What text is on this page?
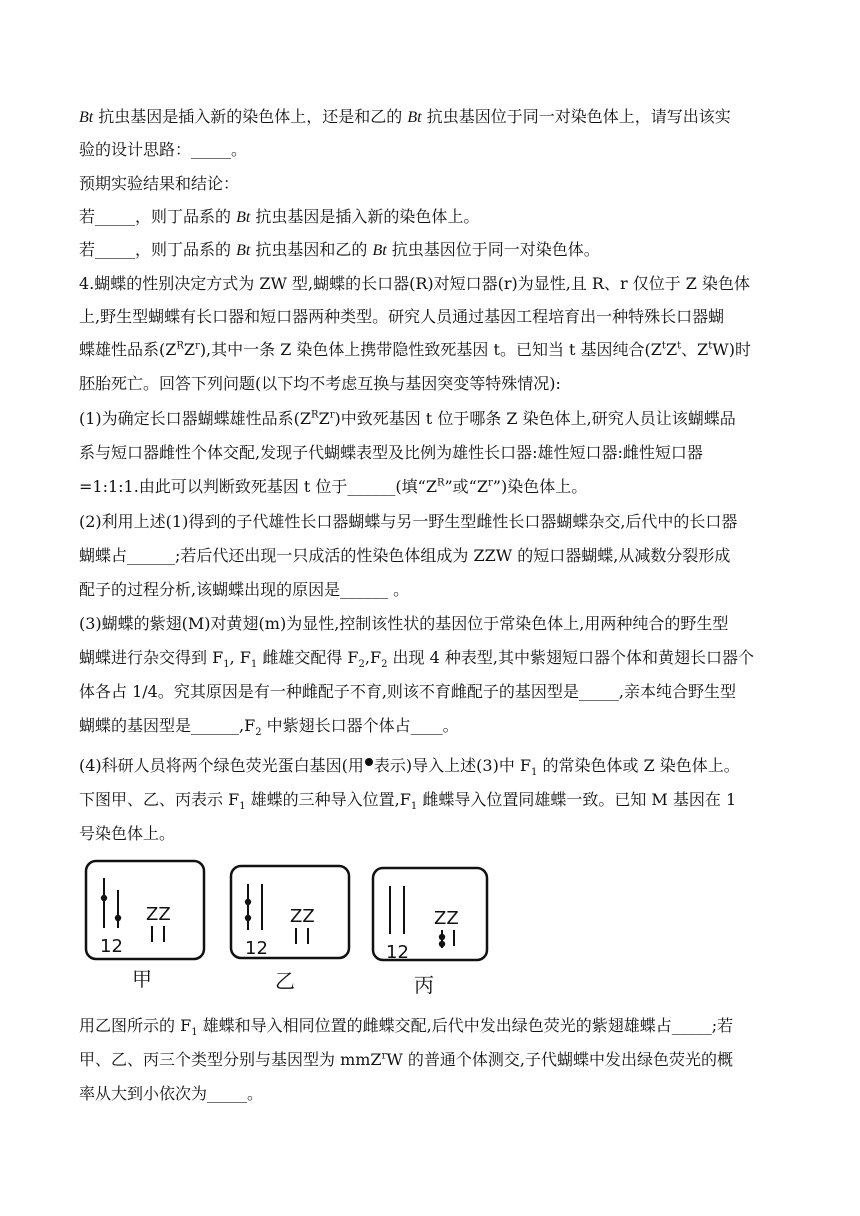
Bt 抗虫基因是插入新的染色体上，还是和乙的 Bt 抗虫基因位于同一对染色体上，请写出该实
验的设计思路：_____。
预期实验结果和结论：
若_____，则丁品系的 Bt 抗虫基因是插入新的染色体上。
若_____，则丁品系的 Bt 抗虫基因和乙的 Bt 抗虫基因位于同一对染色体。
4.蝴蝶的性别决定方式为 ZW 型,蝴蝶的长口器(R)对短口器(r)为显性,且 R、r 仅位于 Z 染色体
上,野生型蝴蝶有长口器和短口器两种类型。研究人员通过基因工程培育出一种特殊长口器蝴
蝶雄性品系$(Z^RZ^r)$,其中一条 Z 染色体上携带隐性致死基因 t。已知当 t 基因纯合($Z^tZ^t$、$Z^tW$)时
胚胎死亡。回答下列问题(以下均不考虑互换与基因突变等特殊情况):
(1)为确定长口器蝴蝶雄性品系$(Z^RZ^r)$中致死基因 t 位于哪条 Z 染色体上,研究人员让该蝴蝶品
系与短口器雌性个体交配,发现子代蝴蝶表型及比例为雄性长口器:雄性短口器:雌性短口器
=1:1:1.由此可以判断致死基因 t 位于______(填“$Z^R$”或“$Z^r$”)染色体上。
(2)利用上述(1)得到的子代雄性长口器蝴蝶与另一野生型雌性长口器蝴蝶杂交,后代中的长口器
蝴蝶占______;若后代还出现一只成活的性染色体组成为 ZZW 的短口器蝴蝶,从减数分裂形成
配子的过程分析,该蝴蝶出现的原因是______ 。
(3)蝴蝶的紫翅(M)对黄翅(m)为显性,控制该性状的基因位于常染色体上,用两种纯合的野生型
蝴蝶进行杂交得到 $F_1$, $F_1$ 雌雄交配得 $F_2,F_2$ 出现 4 种表型,其中紫翅短口器个体和黄翅长口器个
体各占 1/4。究其原因是有一种雌配子不育,则该不育雌配子的基因型是_____,亲本纯合野生型
蝴蝶的基因型是$\_\_\_\_\_\_,F_2$ 中紫翅长口器个体占____。
(4)科研人员将两个绿色荧光蛋白基因(用 表示)导入上述(3)中 $F_1$ 的常染色体或 Z 染色体上。
下图甲、乙、丙表示 $F_1$ 雄蝶的三种导入位置$,F_1$ 雌蝶导入位置同雄蝶一致。已知 M 基因在 1
号染色体上。
12
ZZ
甲
12
ZZ
乙
12
ZZ
丙
用乙图所示的 $F_1$ 雄蝶和导入相同位置的雌蝶交配,后代中发出绿色荧光的紫翅雄蝶占_____;若
甲、乙、丙三个类型分别与基因型为 mmZ$^r$W 的普通个体测交,子代蝴蝶中发出绿色荧光的概
率从大到小依次为_____。
